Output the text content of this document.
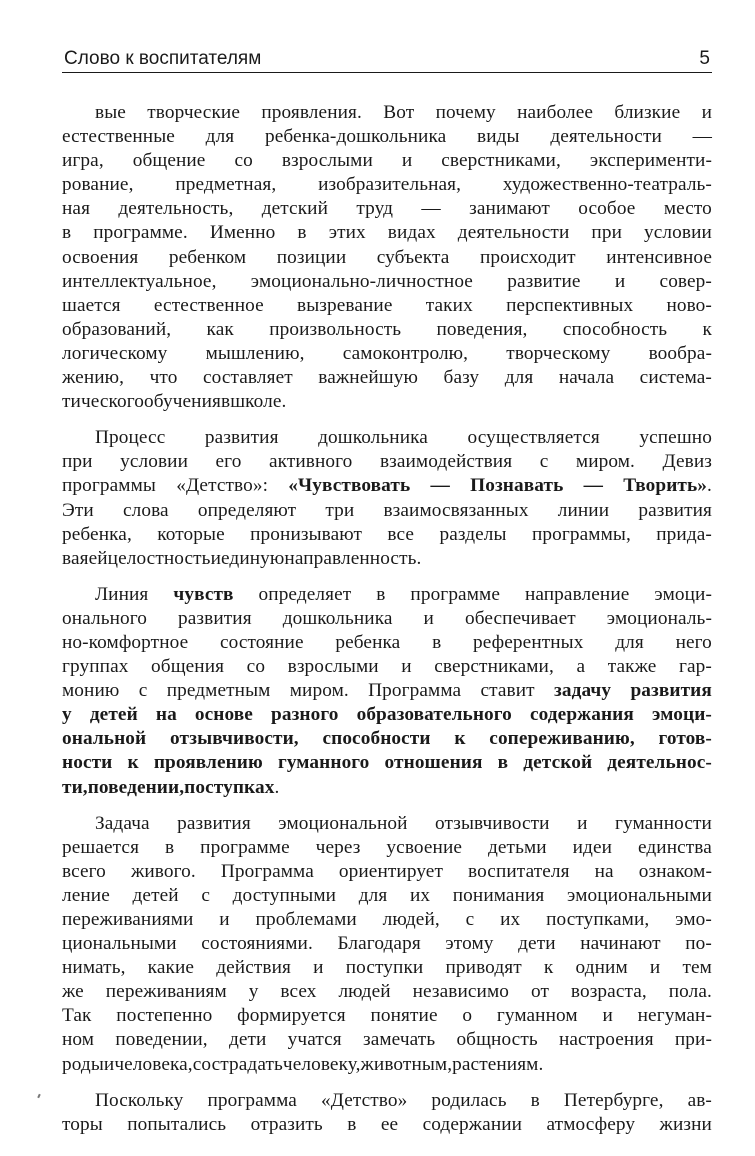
Слово к воспитателям	5
вые творческие проявления. Вот почему наиболее близкие и
естественные для ребенка-дошкольника виды деятельности —
игра, общение со взрослыми и сверстниками, эксперименти-
рование, предметная, изобразительная, художественно-театраль-
ная деятельность, детский труд — занимают особое место
в программе. Именно в этих видах деятельности при условии
освоения ребенком позиции субъекта происходит интенсивное
интеллектуальное, эмоционально-личностное развитие и совер-
шается естественное вызревание таких перспективных ново-
образований, как произвольность поведения, способность к
логическому мышлению, самоконтролю, творческому вообра-
жению, что составляет важнейшую базу для начала система-
тического обучения в школе.
Процесс развития дошкольника осуществляется успешно
при условии его активного взаимодействия с миром. Девиз
программы «Детство»: «Чувствовать — Познавать — Творить».
Эти слова определяют три взаимосвязанных линии развития
ребенка, которые пронизывают все разделы программы, прида-
вая ей целостность и единую направленность.
Линия чувств определяет в программе направление эмоци-
онального развития дошкольника и обеспечивает эмоциональ-
но-комфортное состояние ребенка в референтных для него
группах общения со взрослыми и сверстниками, а также гар-
монию с предметным миром. Программа ставит задачу развития
у детей на основе разного образовательного содержания эмоци-
ональной отзывчивости, способности к сопереживанию, готов-
ности к проявлению гуманного отношения в детской деятельнос-
ти, поведении, поступках.
Задача развития эмоциональной отзывчивости и гуманности
решается в программе через усвоение детьми идеи единства
всего живого. Программа ориентирует воспитателя на ознаком-
ление детей с доступными для их понимания эмоциональными
переживаниями и проблемами людей, с их поступками, эмо-
циональными состояниями. Благодаря этому дети начинают по-
нимать, какие действия и поступки приводят к одним и тем
же переживаниям у всех людей независимо от возраста, пола.
Так постепенно формируется понятие о гуманном и негуман-
ном поведении, дети учатся замечать общность настроения при-
роды и человека, сострадать человеку, животным, растениям.
Поскольку программа «Детство» родилась в Петербурге, ав-
торы попытались отразить в ее содержании атмосферу жизни
